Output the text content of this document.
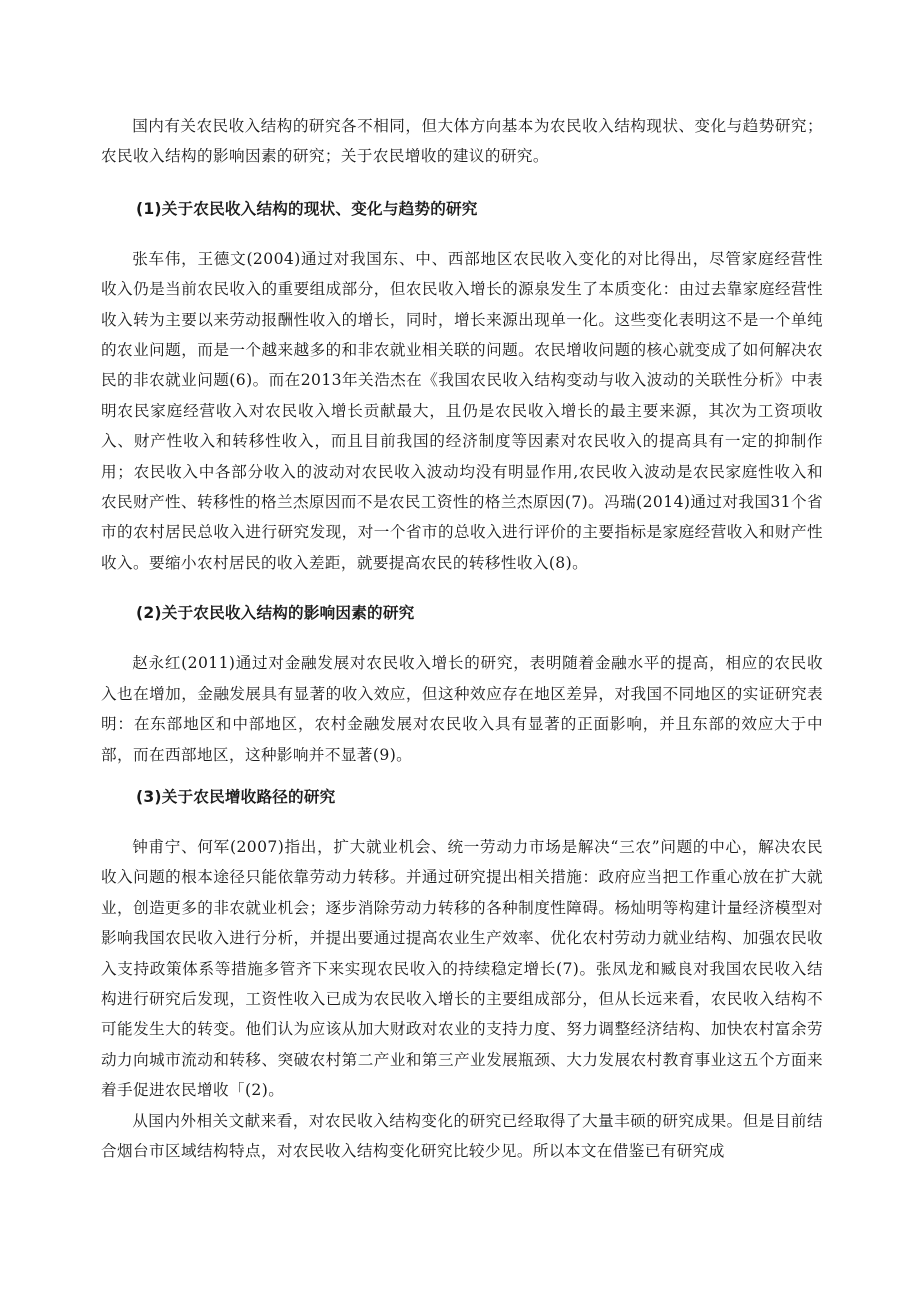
国内有关农民收入结构的研究各不相同，但大体方向基本为农民收入结构现状、变化与趋势研究；农民收入结构的影响因素的研究；关于农民增收的建议的研究。

(1)关于农民收入结构的现状、变化与趋势的研究

张车伟，王德文(2004)通过对我国东、中、西部地区农民收入变化的对比得出，尽管家庭经营性收入仍是当前农民收入的重要组成部分，但农民收入增长的源泉发生了本质变化：由过去靠家庭经营性收入转为主要以来劳动报酬性收入的增长，同时，增长来源出现单一化。这些变化表明这不是一个单纯的农业问题，而是一个越来越多的和非农就业相关联的问题。农民增收问题的核心就变成了如何解决农民的非农就业问题(6)。而在2013年关浩杰在《我国农民收入结构变动与收入波动的关联性分析》中表明农民家庭经营收入对农民收入增长贡献最大，且仍是农民收入增长的最主要来源，其次为工资项收入、财产性收入和转移性收入，而且目前我国的经济制度等因素对农民收入的提高具有一定的抑制作用；农民收入中各部分收入的波动对农民收入波动均没有明显作用,农民收入波动是农民家庭性收入和农民财产性、转移性的格兰杰原因而不是农民工资性的格兰杰原因(7)。冯瑞(2014)通过对我国31个省市的农村居民总收入进行研究发现，对一个省市的总收入进行评价的主要指标是家庭经营收入和财产性收入。要缩小农村居民的收入差距，就要提高农民的转移性收入(8)。

(2)关于农民收入结构的影响因素的研究

赵永红(2011)通过对金融发展对农民收入增长的研究，表明随着金融水平的提高，相应的农民收入也在增加，金融发展具有显著的收入效应，但这种效应存在地区差异，对我国不同地区的实证研究表明：在东部地区和中部地区，农村金融发展对农民收入具有显著的正面影响，并且东部的效应大于中部，而在西部地区，这种影响并不显著(9)。

(3)关于农民增收路径的研究

钟甫宁、何军(2007)指出，扩大就业机会、统一劳动力市场是解决“三农”问题的中心，解决农民收入问题的根本途径只能依靠劳动力转移。并通过研究提出相关措施：政府应当把工作重心放在扩大就业，创造更多的非农就业机会；逐步消除劳动力转移的各种制度性障碍。杨灿明等构建计量经济模型对影响我国农民收入进行分析，并提出要通过提高农业生产效率、优化农村劳动力就业结构、加强农民收入支持政策体系等措施多管齐下来实现农民收入的持续稳定增长(7)。张凤龙和臧良对我国农民收入结构进行研究后发现，工资性收入已成为农民收入增长的主要组成部分，但从长远来看，农民收入结构不可能发生大的转变。他们认为应该从加大财政对农业的支持力度、努力调整经济结构、加快农村富余劳动力向城市流动和转移、突破农村第二产业和第三产业发展瓶颈、大力发展农村教育事业这五个方面来着手促进农民增收「(2)。

从国内外相关文献来看，对农民收入结构变化的研究已经取得了大量丰硕的研究成果。但是目前结合烟台市区域结构特点，对农民收入结构变化研究比较少见。所以本文在借鉴已有研究成
